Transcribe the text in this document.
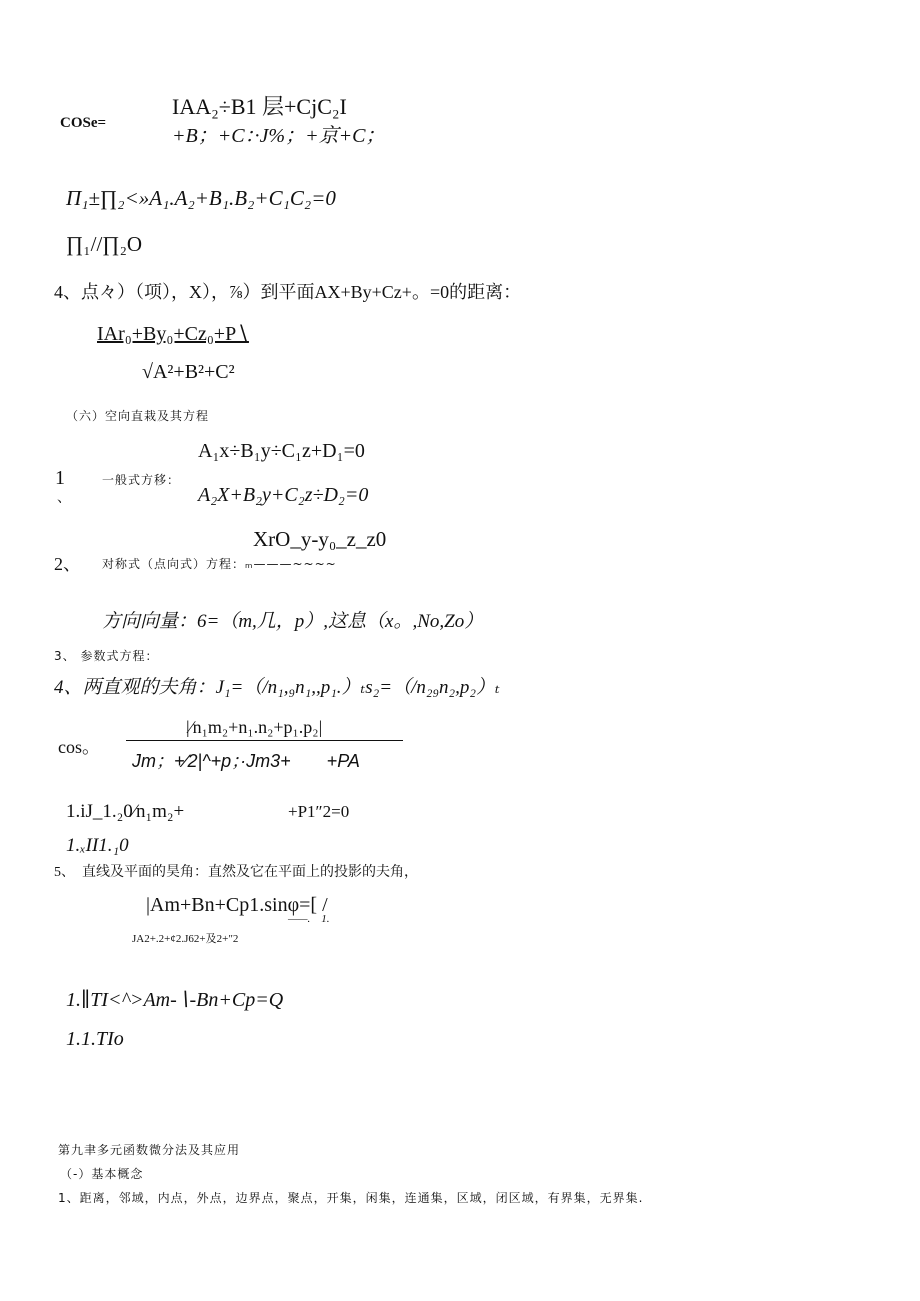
COSe=
IAA₂÷B1 层+CjC₂I
+B；+C：·J%；+京+C；
Π₁±∏₂<»A₁.A₂+B₁.B₂+C₁C₂=0
∏₁//∏₂O
4、点々）（项），X），⅞）到平面AX+By+Cz+。=0的距离：
IAr₀+By₀+Cz₀+P∖
√A²+B²+C²
（六）空向直栽及其方程
1
、
一般式方移：
A₁x÷B₁y÷C₁z+D₁=0
A₂X+B₂y+C₂z÷D₂=0
XrO_y-y₀_z_z0
2、 对称式（点向式）方程：ₘ———~~~~
方向向量：6=（m,几，p）,这息（x。,No,Zo）
3、 参数式方程：
4、两直观的夫角：J₁=（/n₁,₉n₁,,p₁.）ₜs₂=（/n₂₉n₂,p₂）ₜ
cos。
|∕n₁m₂+n₁.n₂+p₁.p₂|
Jm；+∕2|^+p；·Jm3+　　+PA
1.iJ_1.₂0∕n₁m₂+	+P1″2=0
1.ₓII1.₁0
5、　直线及平面的昊角：直然及它在平面上的投影的夫角，
|Am+Bn+Cp1.sinφ=[ /
——.　1.
JA2+.2+¢2.J62+及2+″2
1.∥TI<^>Am-∖-Bn+Cp=Q
1.1.TIo
第九聿多元函数微分法及其应用
（-）基本概念
1、距离，邻域，内点，外点，边界点，聚点，开集，闲集，连通集，区域，闭区域，有界集，无界集.
